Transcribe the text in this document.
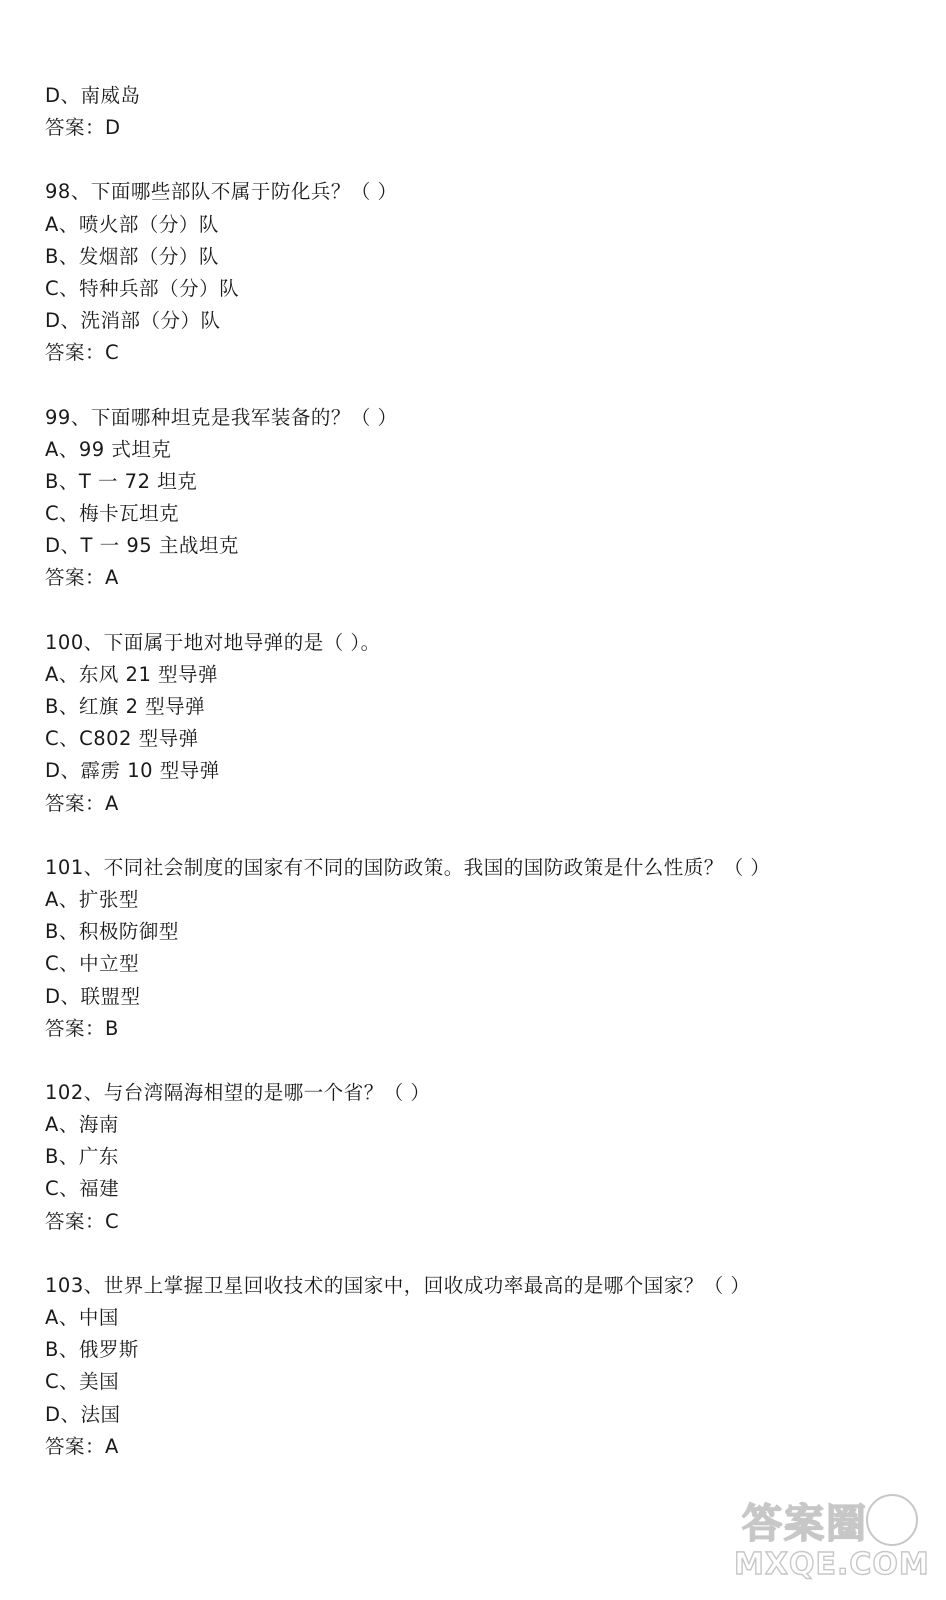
D、南威岛
答案：D
98、下面哪些部队不属于防化兵？（ ）
A、喷火部（分）队
B、发烟部（分）队
C、特种兵部（分）队
D、洗消部（分）队
答案：C
99、下面哪种坦克是我军装备的？（ ）
A、99 式坦克
B、T 一 72 坦克
C、梅卡瓦坦克
D、T 一 95 主战坦克
答案：A
100、下面属于地对地导弹的是（ ）。
A、东风 21 型导弹
B、红旗 2 型导弹
C、C802 型导弹
D、霹雳 10 型导弹
答案：A
101、不同社会制度的国家有不同的国防政策。我国的国防政策是什么性质？（ ）
A、扩张型
B、积极防御型
C、中立型
D、联盟型
答案：B
102、与台湾隔海相望的是哪一个省？（ ）
A、海南
B、广东
C、福建
答案：C
103、世界上掌握卫星回收技术的国家中，回收成功率最高的是哪个国家？（ ）
A、中国
B、俄罗斯
C、美国
D、法国
答案：A
答案圈
MXQE.COM
